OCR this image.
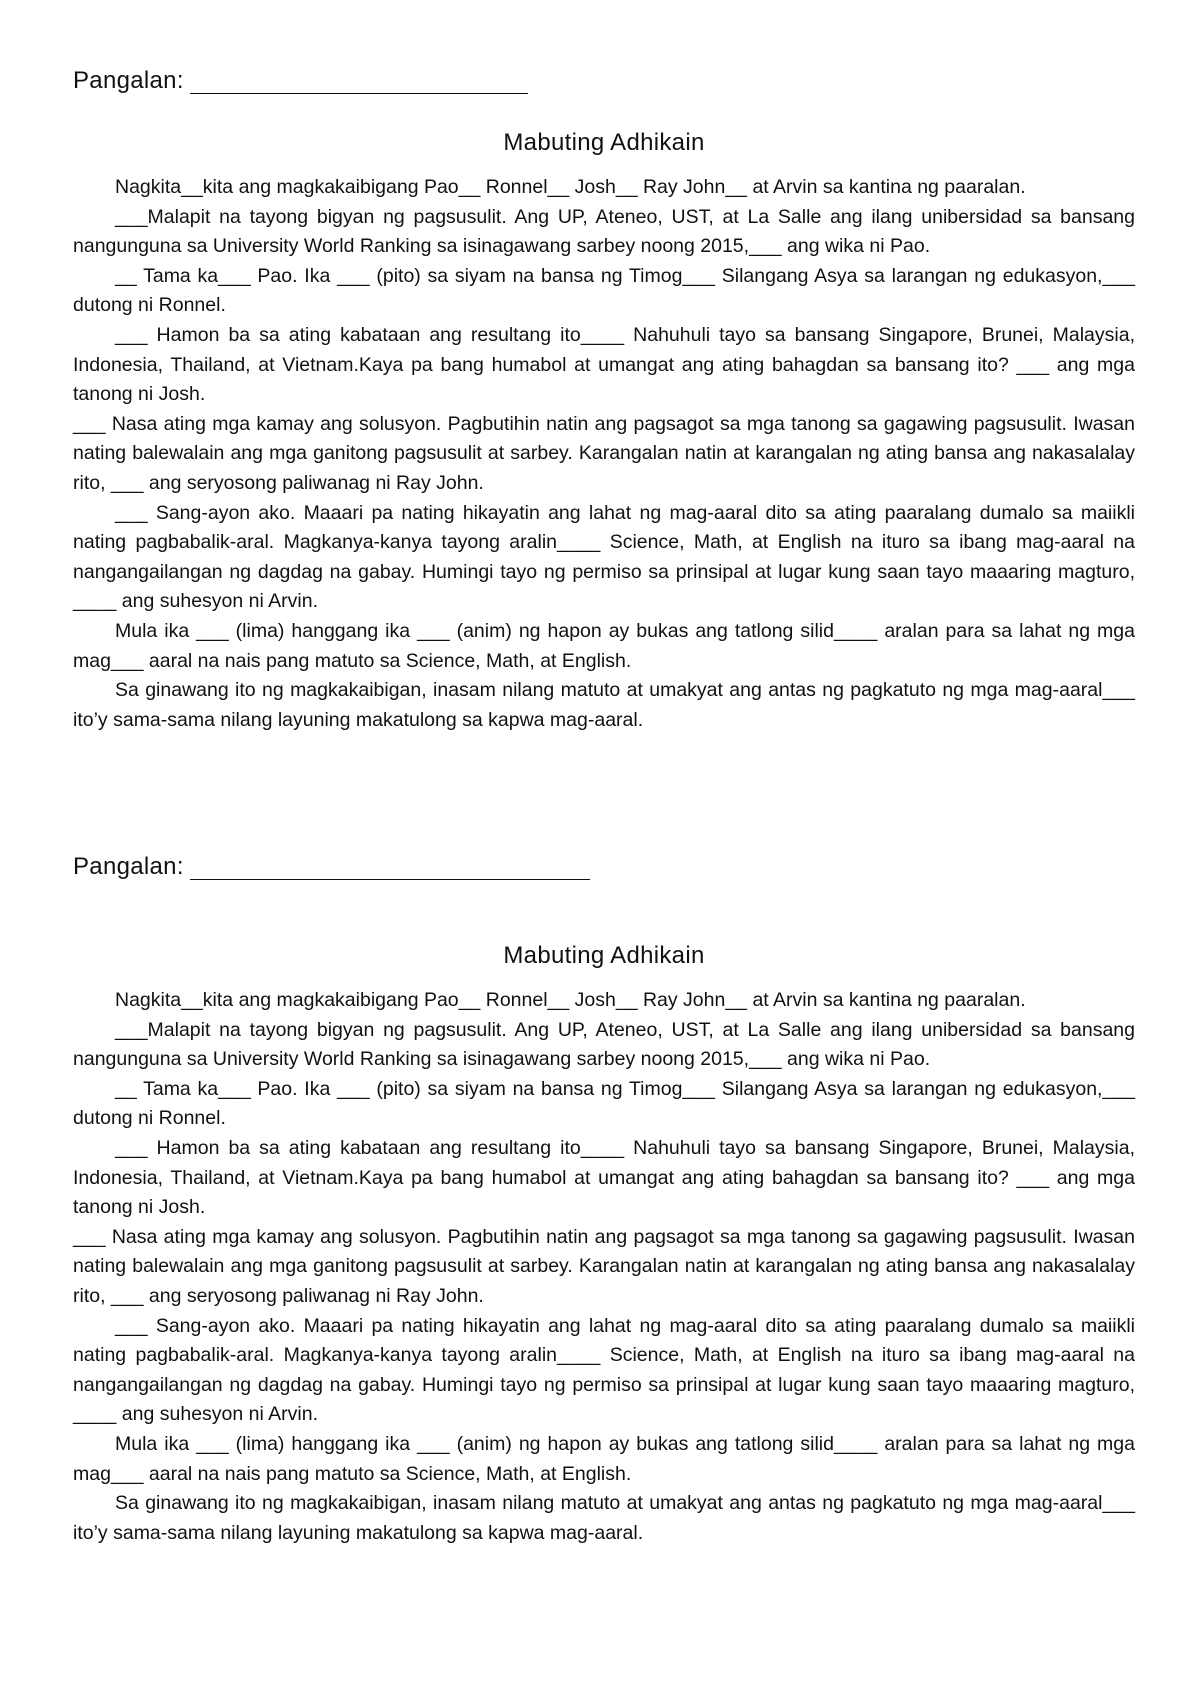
Pangalan:
Mabuting Adhikain

Nagkita__kita ang magkakaibigang Pao__ Ronnel__ Josh__ Ray John__ at Arvin sa kantina ng paaralan.

___Malapit na tayong bigyan ng pagsusulit. Ang UP, Ateneo, UST, at La Salle ang ilang unibersidad sa bansang nangunguna sa University World Ranking sa isinagawang sarbey noong 2015,___ ang wika ni Pao.

__ Tama ka___ Pao. Ika ___ (pito) sa siyam na bansa ng Timog___ Silangang Asya sa larangan ng edukasyon,___ dutong ni Ronnel.

___ Hamon ba sa ating kabataan ang resultang ito____ Nahuhuli tayo sa bansang Singapore, Brunei, Malaysia, Indonesia, Thailand, at Vietnam.Kaya pa bang humabol at umangat ang ating bahagdan sa bansang ito? ___ ang mga tanong ni Josh.

___ Nasa ating mga kamay ang solusyon. Pagbutihin natin ang pagsagot sa mga tanong sa gagawing pagsusulit. Iwasan nating balewalain ang mga ganitong pagsusulit at sarbey. Karangalan natin at karangalan ng ating bansa ang nakasalalay rito, ___ ang seryosong paliwanag ni Ray John.

___ Sang-ayon ako. Maaari pa nating hikayatin ang lahat ng mag-aaral dito sa ating paaralang dumalo sa maiikli nating pagbabalik-aral. Magkanya-kanya tayong aralin____ Science, Math, at English na ituro sa ibang mag-aaral na nangangailangan ng dagdag na gabay. Humingi tayo ng permiso sa prinsipal at lugar kung saan tayo maaaring magturo, ____ ang suhesyon ni Arvin.

Mula ika ___ (lima) hanggang ika ___ (anim) ng hapon ay bukas ang tatlong silid____ aralan para sa lahat ng mga mag___ aaral na nais pang matuto sa Science, Math, at English.

Sa ginawang ito ng magkakaibigan, inasam nilang matuto at umakyat ang antas ng pagkatuto ng mga mag-aaral___ ito’y sama-sama nilang layuning makatulong sa kapwa mag-aaral.

Pangalan:
Mabuting Adhikain

Nagkita__kita ang magkakaibigang Pao__ Ronnel__ Josh__ Ray John__ at Arvin sa kantina ng paaralan.

___Malapit na tayong bigyan ng pagsusulit. Ang UP, Ateneo, UST, at La Salle ang ilang unibersidad sa bansang nangunguna sa University World Ranking sa isinagawang sarbey noong 2015,___ ang wika ni Pao.

__ Tama ka___ Pao. Ika ___ (pito) sa siyam na bansa ng Timog___ Silangang Asya sa larangan ng edukasyon,___ dutong ni Ronnel.

___ Hamon ba sa ating kabataan ang resultang ito____ Nahuhuli tayo sa bansang Singapore, Brunei, Malaysia, Indonesia, Thailand, at Vietnam.Kaya pa bang humabol at umangat ang ating bahagdan sa bansang ito? ___ ang mga tanong ni Josh.

___ Nasa ating mga kamay ang solusyon. Pagbutihin natin ang pagsagot sa mga tanong sa gagawing pagsusulit. Iwasan nating balewalain ang mga ganitong pagsusulit at sarbey. Karangalan natin at karangalan ng ating bansa ang nakasalalay rito, ___ ang seryosong paliwanag ni Ray John.

___ Sang-ayon ako. Maaari pa nating hikayatin ang lahat ng mag-aaral dito sa ating paaralang dumalo sa maiikli nating pagbabalik-aral. Magkanya-kanya tayong aralin____ Science, Math, at English na ituro sa ibang mag-aaral na nangangailangan ng dagdag na gabay. Humingi tayo ng permiso sa prinsipal at lugar kung saan tayo maaaring magturo, ____ ang suhesyon ni Arvin.

Mula ika ___ (lima) hanggang ika ___ (anim) ng hapon ay bukas ang tatlong silid____ aralan para sa lahat ng mga mag___ aaral na nais pang matuto sa Science, Math, at English.

Sa ginawang ito ng magkakaibigan, inasam nilang matuto at umakyat ang antas ng pagkatuto ng mga mag-aaral___ ito’y sama-sama nilang layuning makatulong sa kapwa mag-aaral.
